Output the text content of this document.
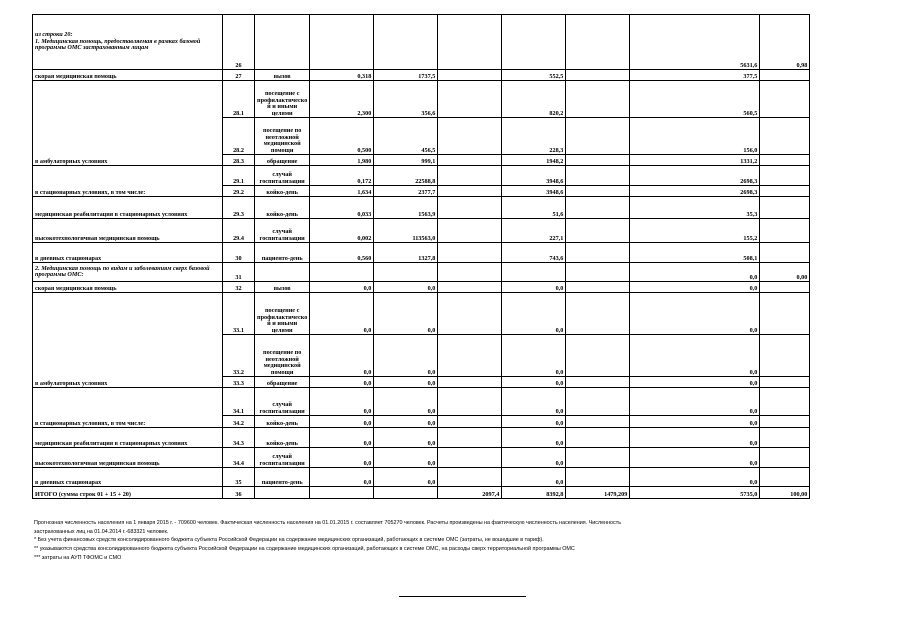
из строки 20:
1. Медицинская помощь, предоставляемая в рамках базовой программы ОМС застрахованным лицам	26							5631,6	0,98
скорая медицинская помощь	27	вызов	0,318	1737,5		552,5		377,5	
в амбулаторных условиях	28.1	посещение с профилактическо й и иными целями	2,300	356,6		820,2		560,5	
	28.2	посещение по неотложной медицинской помощи	0,500	456,5		228,3		156,0	
	28.3	обращение	1,980	999,1		1948,2		1331,2	
в стационарных условиях, в том числе:	29.1	случай госпитализации	0,172	22588,8		3948,6		2698,3	
	29.2	койко-день	1,634	2377,7		3948,6		2698,3	
медицинская реабилитация в стационарных условиях	29.3	койко-день	0,033	1563,9		51,6		35,3	
высокотехнологичная медицинская помощь	29.4	случай госпитализации	0,002	113563,0		227,1		155,2	
в дневных стационарах	30	пациенто-день	0,560	1327,8		743,6		508,1	
2. Медицинская помощь по видам и заболеваниям сверх базовой программы ОМС:	31							0,0	0,00
скорая медицинская помощь	32	вызов	0,0	0,0		0,0		0,0	
в амбулаторных условиях	33.1	посещение с профилактическо й и иными целями	0,0	0,0		0,0		0,0	
	33.2	посещение по неотложной медицинской помощи	0,0	0,0		0,0		0,0	
	33.3	обращение	0,0	0,0		0,0		0,0	
в стационарных условиях, в том числе:	34.1	случай госпитализации	0,0	0,0		0,0		0,0	
	34.2	койко-день	0,0	0,0		0,0		0,0	
медицинская реабилитация в стационарных условиях	34.3	койко-день	0,0	0,0		0,0		0,0	
высокотехнологичная медицинская помощь	34.4	случай госпитализации	0,0	0,0		0,0		0,0	
в дневных стационарах	35	пациенто-день	0,0	0,0		0,0		0,0	
ИТОГО (сумма строк 01 + 15 + 20)	36				2097,4	8392,8	1479,209	5735,0	100,00
Прогнозная численность населения на 1 января 2015 г. - 709600 человек. Фактическая численность населения на 01.01.2015 г. составляет 705270 человек. Расчеты произведены на фактическую численность населения. Численность
застрахованных лиц на 01.04.2014 г.-683321 человек.
* Без учета финансовых средств консолидированного бюджета субъекта Российской Федерации на содержание медицинских организаций, работающих в системе ОМС (затраты, не вошедшие в тариф).
** указываются средства консолидированного бюджета субъекта Российской Федерации на содержание медицинских организаций, работающих в системе ОМС, на расходы сверх территориальной программы ОМС
*** затраты на АУП ТФОМС и СМО
